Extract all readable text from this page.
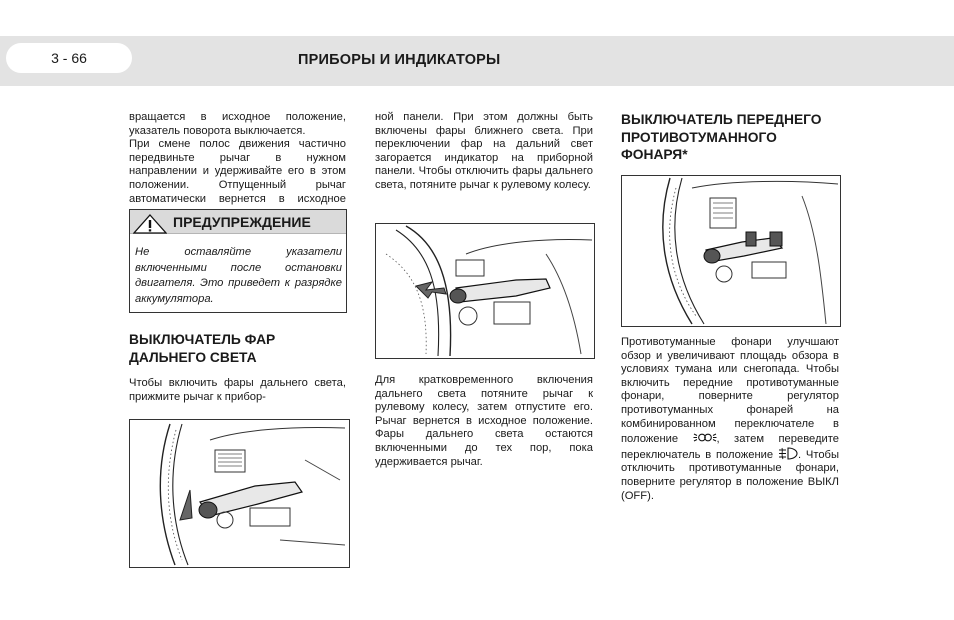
3 - 66	ПРИБОРЫ И ИНДИКАТОРЫ

вращается в исходное положение, указатель поворота выключается.

При смене полос движения частично передвиньте рычаг в нужном направлении и удерживайте его в этом положении. Отпущенный рычаг автоматически вернется в исходное

ПРЕДУПРЕЖДЕНИЕ
Не оставляйте указатели включенными после остановки двигателя. Это приведет к разрядке аккумулятора.
ВЫКЛЮЧАТЕЛЬ ФАР ДАЛЬНЕГО СВЕТА
Чтобы включить фары дальнего света, прижмите рычаг к прибор-
ной панели. При этом должны быть включены фары ближнего света. При переключении фар на дальний свет загорается индикатор на приборной панели. Чтобы отключить фары дальнего света, потяните рычаг к рулевому колесу.
Для кратковременного включения дальнего света потяните рычаг к рулевому колесу, затем отпустите его. Рычаг вернется в исходное положение. Фары дальнего света остаются включенными до тех пор, пока удерживается рычаг.
ВЫКЛЮЧАТЕЛЬ ПЕРЕДНЕГО ПРОТИВОТУМАННОГО ФОНАРЯ*
Противотуманные фонари улучшают обзор и увеличивают площадь обзора в условиях тумана или снегопада. Чтобы включить передние противотуманные фонари, поверните регулятор противотуманных фонарей на комбинированном переключателе в положение	, затем переведите переключатель в положение . Чтобы отключить противотуманные фонари, поверните регулятор в положение ВЫКЛ (OFF).
